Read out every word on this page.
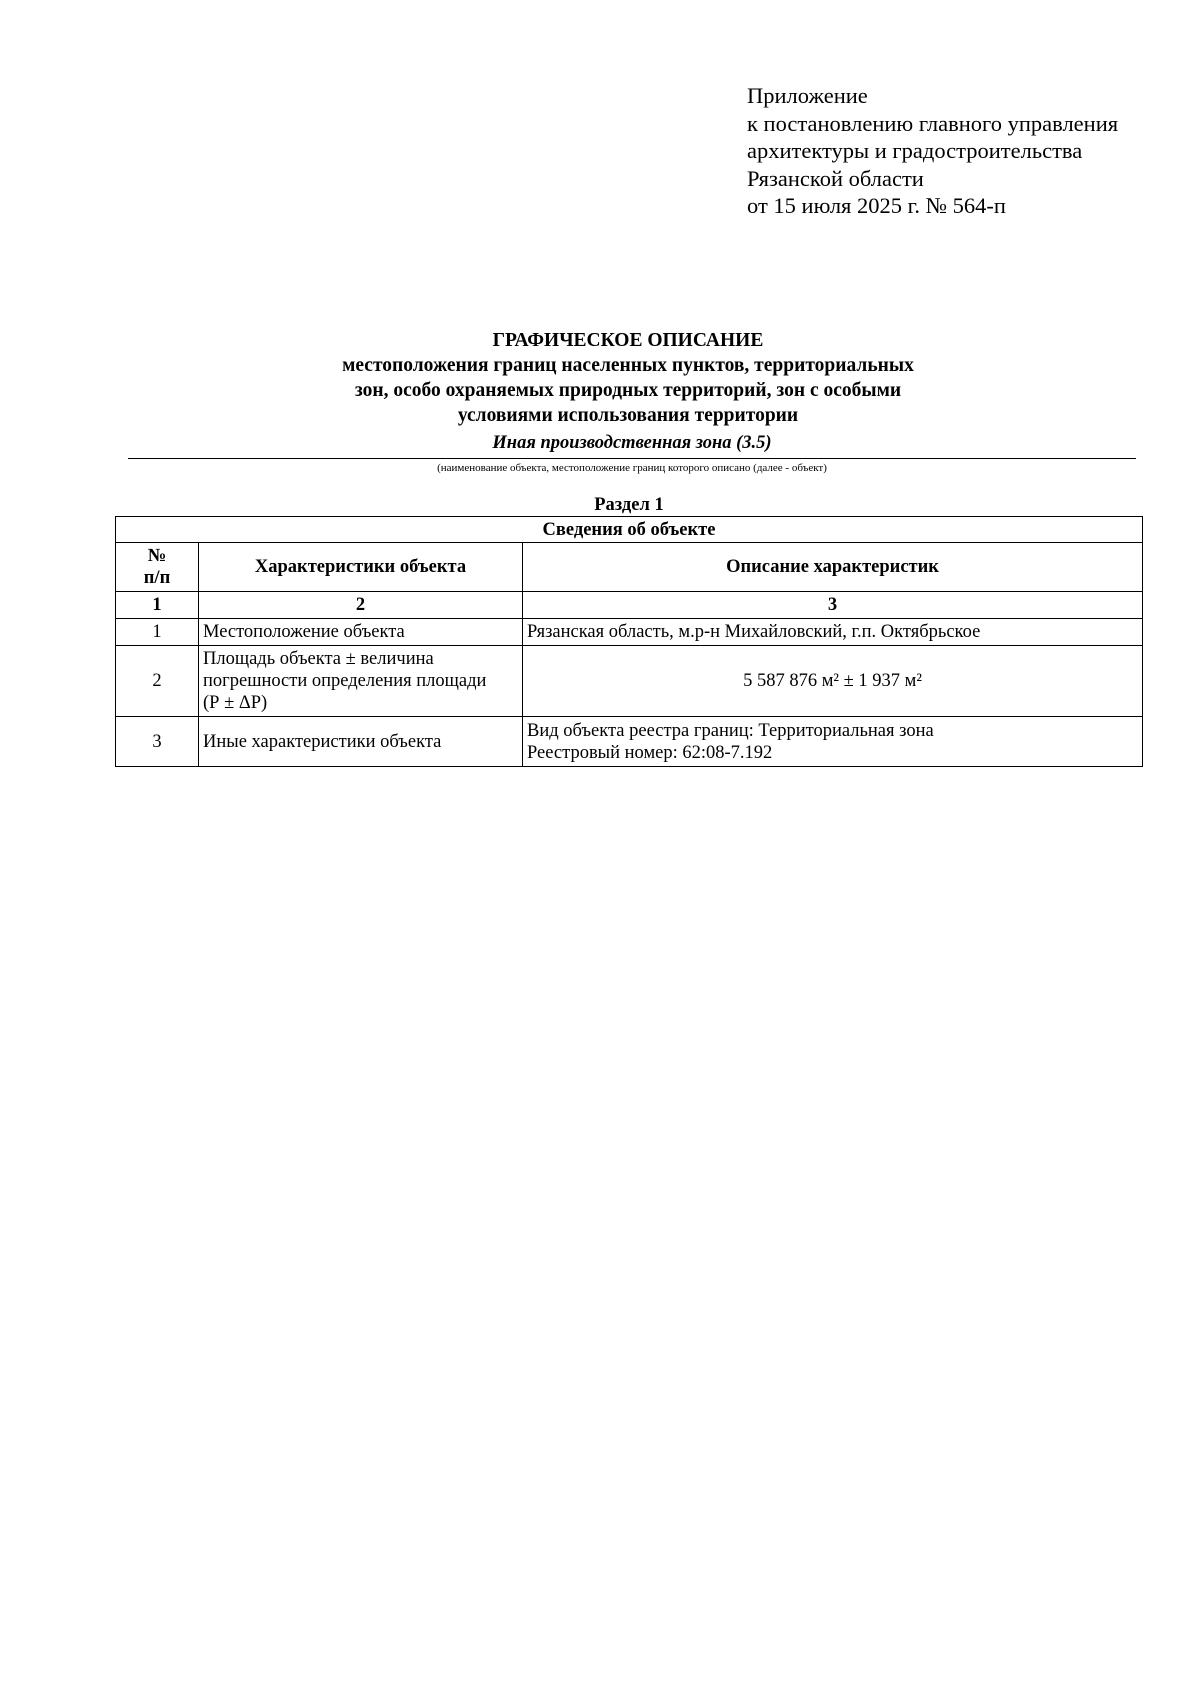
Приложение
к постановлению главного управления
архитектуры и градостроительства
Рязанской области
от 15 июля 2025 г. № 564-п
ГРАФИЧЕСКОЕ ОПИСАНИЕ
местоположения границ населенных пунктов, территориальных
зон, особо охраняемых природных территорий, зон с особыми
условиями использования территории
Иная производственная зона (3.5)
(наименование объекта, местоположение границ которого описано (далее - объект)
Раздел 1
Сведения об объекте		
№ п/п	Характеристики объекта	Описание характеристик
1	2	3
1	Местоположение объекта	Рязанская область, м.р-н Михайловский, г.п. Октябрьское
2	Площадь объекта ± величина
погрешности определения площади
(Р ± ΔР)	5 587 876 м² ± 1 937 м²
3	Иные характеристики объекта	Вид объекта реестра границ: Территориальная зона
Реестровый номер: 62:08-7.192
